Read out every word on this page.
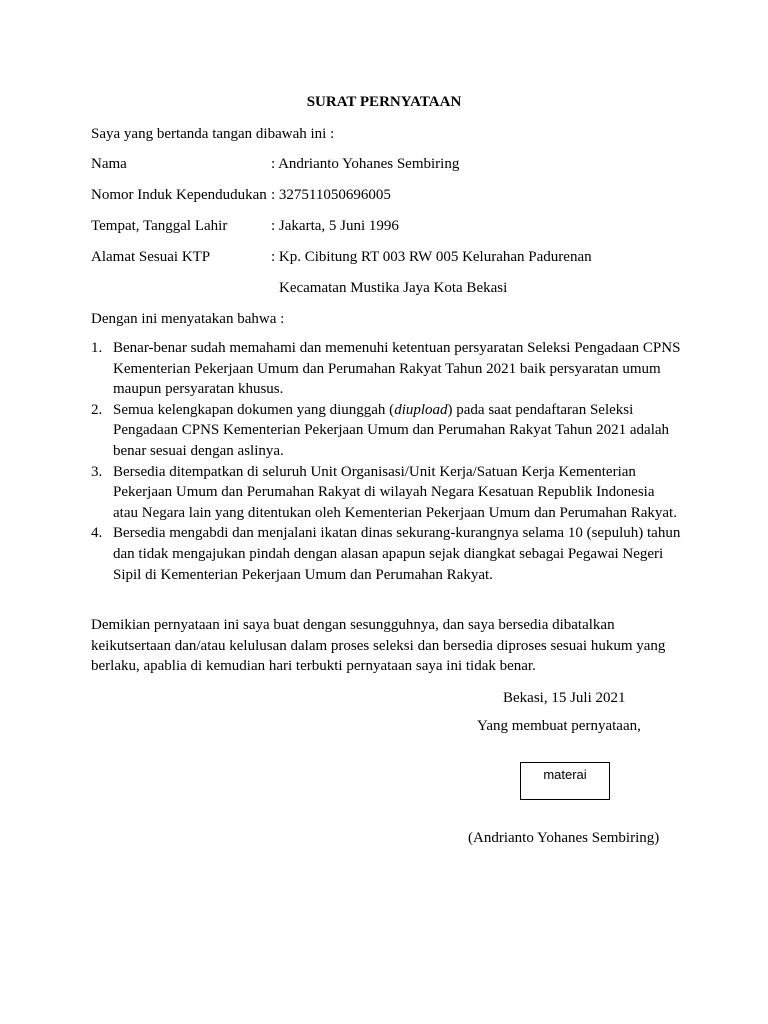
SURAT PERNYATAAN
Saya yang bertanda tangan dibawah ini :
Nama	: Andrianto Yohanes Sembiring
Nomor Induk Kependudukan : 327511050696005
Tempat, Tanggal Lahir	: Jakarta, 5 Juni 1996
Alamat Sesuai KTP	: Kp. Cibitung RT 003 RW 005 Kelurahan Padurenan
Kecamatan Mustika Jaya Kota Bekasi
Dengan ini menyatakan bahwa :
1. Benar-benar sudah memahami dan memenuhi ketentuan persyaratan Seleksi Pengadaan CPNS Kementerian Pekerjaan Umum dan Perumahan Rakyat Tahun 2021 baik persyaratan umum maupun persyaratan khusus.
2. Semua kelengkapan dokumen yang diunggah (diupload) pada saat pendaftaran Seleksi Pengadaan CPNS Kementerian Pekerjaan Umum dan Perumahan Rakyat Tahun 2021 adalah benar sesuai dengan aslinya.
3. Bersedia ditempatkan di seluruh Unit Organisasi/Unit Kerja/Satuan Kerja Kementerian Pekerjaan Umum dan Perumahan Rakyat di wilayah Negara Kesatuan Republik Indonesia atau Negara lain yang ditentukan oleh Kementerian Pekerjaan Umum dan Perumahan Rakyat.
4. Bersedia mengabdi dan menjalani ikatan dinas sekurang-kurangnya selama 10 (sepuluh) tahun dan tidak mengajukan pindah dengan alasan apapun sejak diangkat sebagai Pegawai Negeri Sipil di Kementerian Pekerjaan Umum dan Perumahan Rakyat.
Demikian pernyataan ini saya buat dengan sesungguhnya, dan saya bersedia dibatalkan keikutsertaan dan/atau kelulusan dalam proses seleksi dan bersedia diproses sesuai hukum yang berlaku, apablia di kemudian hari terbukti pernyataan saya ini tidak benar.
Bekasi, 15 Juli 2021
Yang membuat pernyataan,
materai
(Andrianto Yohanes Sembiring)
